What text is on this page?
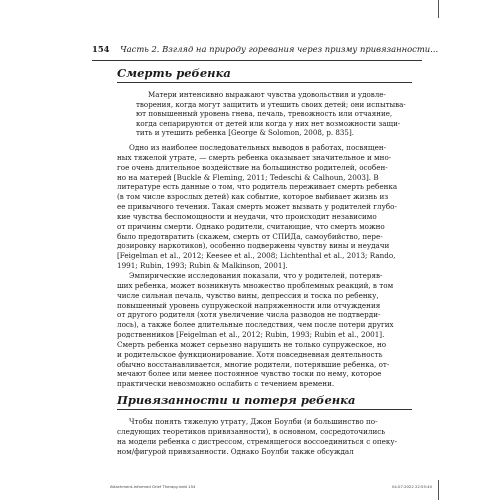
154 Часть 2. Взгляд на природу горевания через призму привязанности...
Смерть ребенка
Матери интенсивно выражают чувства удовольствия и удовле-
творения, когда могут защитить и утешить своих детей; они испытыва-
ют повышенный уровень гнева, печаль, тревожность или отчаяние,
когда сепарируются от детей или когда у них нет возможности защи-
тить и утешить ребенка [George & Solomon, 2008, p. 835].
Одно из наиболее последовательных выводов в работах, посвящен-
ных тяжелой утрате, — смерть ребенка оказывает значительное и мно-
гое очень длительное воздействие на большинство родителей, особен-
но на матерей [Buckle & Fleming, 2011; Tedeschi & Calhoun, 2003]. В
литературе есть данные о том, что родитель переживает смерть ребенка
(в том числе взрослых детей) как событие, которое выбивает жизнь из
ее привычного течения. Такая смерть может вызвать у родителей глубо-
кие чувства беспомощности и неудачи, что происходит независимо
от причины смерти. Однако родители, считающие, что смерть можно
было предотвратить (скажем, смерть от СПИДа, самоубийство, пере-
дозировку наркотиков), особенно подвержены чувству вины и неудачи
[Feigelman et al., 2012; Keesee et al., 2008; Lichtenthal et al., 2013; Rando,
1991; Rubin, 1993; Rubin & Malkinson, 2001].
Эмпирические исследования показали, что у родителей, потеряв-
ших ребенка, может возникнуть множество проблемных реакций, в том
числе сильная печаль, чувство вины, депрессия и тоска по ребенку,
повышенный уровень супружеской напряженности или отчуждения
от другого родителя (хотя увеличение числа разводов не подтверди-
лось), а также более длительные последствия, чем после потери других
родственников [Feigelman et al., 2012; Rubin, 1993; Rubin et al., 2001].
Смерть ребенка может серьезно нарушить не только супружеское, но
и родительское функционирование. Хотя повседневная деятельность
обычно восстанавливается, многие родители, потерявшие ребенка, от-
мечают более или менее постоянное чувство тоски по нему, которое
практически невозможно ослабить с течением времени.
Привязанности и потеря ребенка
Чтобы понять тяжелую утрату, Джон Боулби (и большинство по-
следующих теоретиков привязанности), в основном, сосредоточились
на модели ребенка с дистрессом, стремящегося воссоединиться с опеку-
ном/фигурой привязанности. Однако Боулби также обсуждал
Attachment-Informed Grief Therapy.indd 154	04.07.2022 22:55:40
